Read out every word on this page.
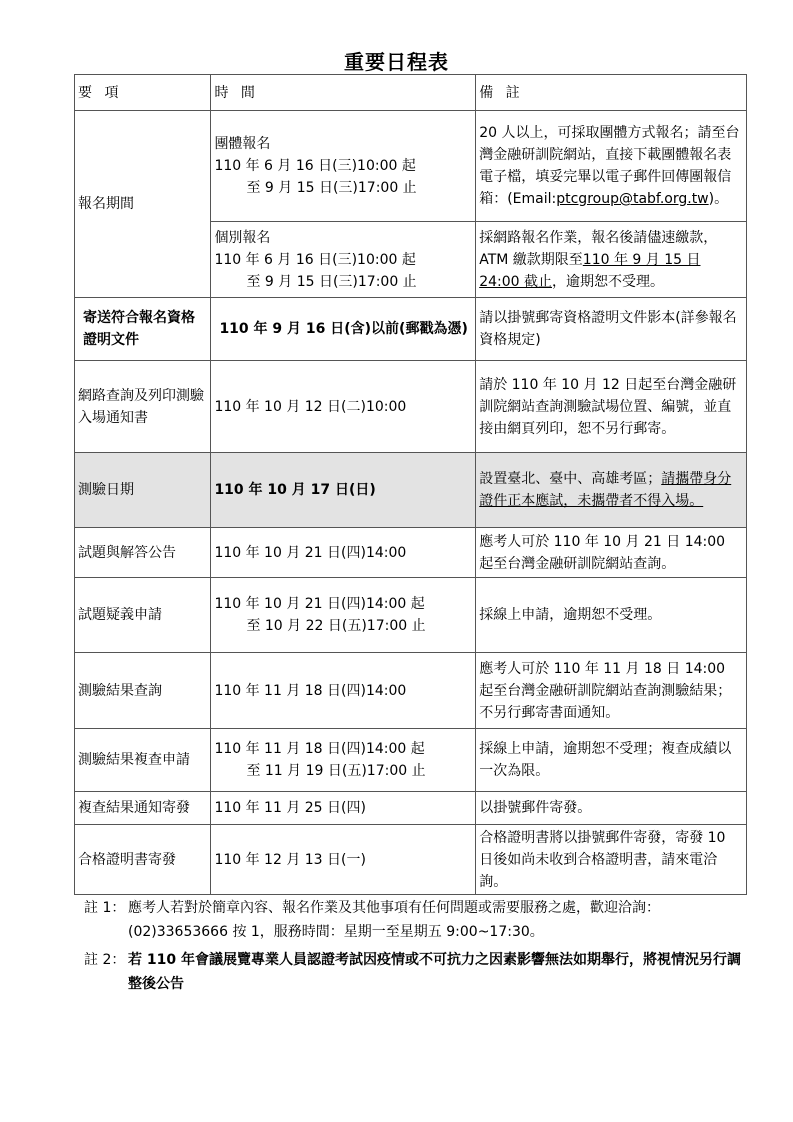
重要日程表
要 項	時 間	備 註
報名期間	團體報名
110 年 6 月 16 日(三)10:00 起
至 9 月 15 日(三)17:00 止	20 人以上，可採取團體方式報名；請至台灣金融研訓院網站，直接下載團體報名表電子檔，填妥完畢以電子郵件回傳團報信箱：(Email:ptcgroup@tabf.org.tw)。

	個別報名
110 年 6 月 16 日(三)10:00 起
至 9 月 15 日(三)17:00 止	採網路報名作業，報名後請儘速繳款，ATM 繳款期限至110 年 9 月 15 日 24:00 截止，逾期恕不受理。
寄送符合報名資格證明文件	110 年 9 月 16 日(含)以前(郵戳為憑)	請以掛號郵寄資格證明文件影本(詳參報名資格規定)
網路查詢及列印測驗入場通知書	110 年 10 月 12 日(二)10:00	請於 110 年 10 月 12 日起至台灣金融研訓院網站查詢測驗試場位置、編號，並直接由網頁列印，恕不另行郵寄。
測驗日期	110 年 10 月 17 日(日)	設置臺北、臺中、高雄考區；請攜帶身分證件正本應試，未攜帶者不得入場。
試題與解答公告	110 年 10 月 21 日(四)14:00	應考人可於 110 年 10 月 21 日 14:00 起至台灣金融研訓院網站查詢。
試題疑義申請	110 年 10 月 21 日(四)14:00 起
至 10 月 22 日(五)17:00 止	採線上申請，逾期恕不受理。
測驗結果查詢	110 年 11 月 18 日(四)14:00	應考人可於 110 年 11 月 18 日 14:00 起至台灣金融研訓院網站查詢測驗結果；不另行郵寄書面通知。
測驗結果複查申請	110 年 11 月 18 日(四)14:00 起
至 11 月 19 日(五)17:00 止	採線上申請，逾期恕不受理；複查成績以一次為限。
複查結果通知寄發	110 年 11 月 25 日(四)	以掛號郵件寄發。
合格證明書寄發	110 年 12 月 13 日(一)	合格證明書將以掛號郵件寄發，寄發 10 日後如尚未收到合格證明書，請來電洽詢。
註 1： 應考人若對於簡章內容、報名作業及其他事項有任何問題或需要服務之處，歡迎洽詢：(02)33653666 按 1，服務時間：星期一至星期五 9:00~17:30。
註 2： 若 110 年會議展覽專業人員認證考試因疫情或不可抗力之因素影響無法如期舉行，將視情況另行調整後公告
